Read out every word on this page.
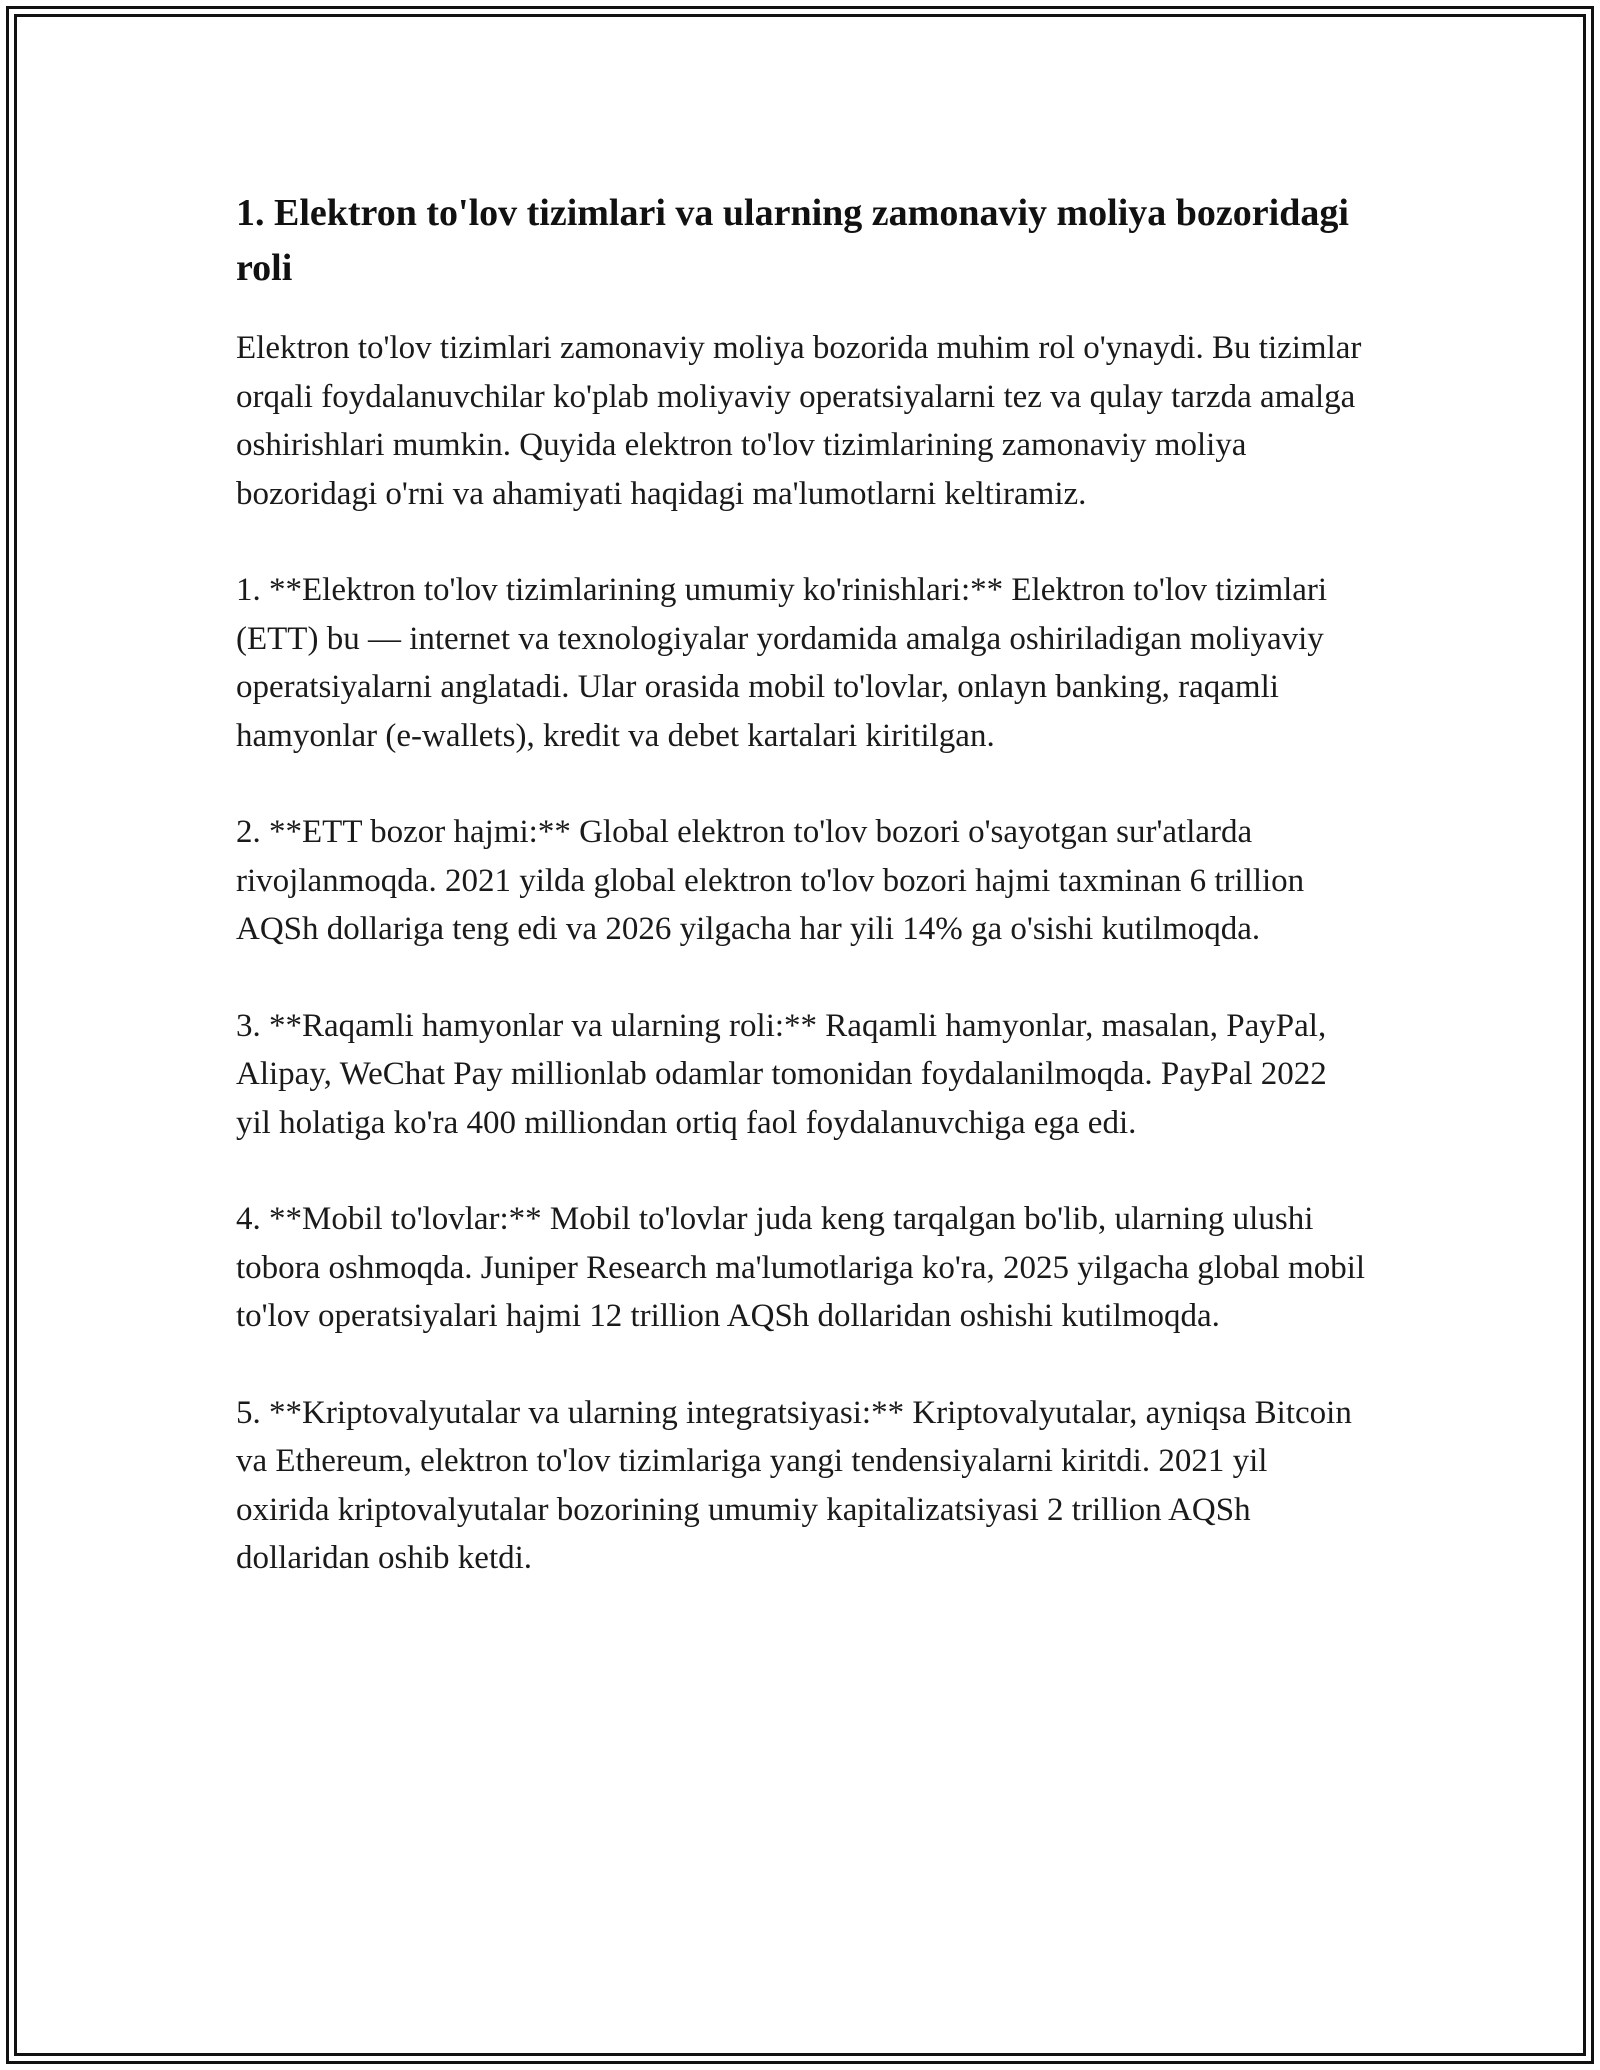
1. Elektron to'lov tizimlari va ularning zamonaviy moliya bozoridagi roli

Elektron to'lov tizimlari zamonaviy moliya bozorida muhim rol o'ynaydi. Bu tizimlar orqali foydalanuvchilar ko'plab moliyaviy operatsiyalarni tez va qulay tarzda amalga oshirishlari mumkin. Quyida elektron to'lov tizimlarining zamonaviy moliya bozoridagi o'rni va ahamiyati haqidagi ma'lumotlarni keltiramiz.

1. **Elektron to'lov tizimlarining umumiy ko'rinishlari:** Elektron to'lov tizimlari (ETT) bu — internet va texnologiyalar yordamida amalga oshiriladigan moliyaviy operatsiyalarni anglatadi. Ular orasida mobil to'lovlar, onlayn banking, raqamli hamyonlar (e-wallets), kredit va debet kartalari kiritilgan.

2. **ETT bozor hajmi:** Global elektron to'lov bozori o'sayotgan sur'atlarda rivojlanmoqda. 2021 yilda global elektron to'lov bozori hajmi taxminan 6 trillion AQSh dollariga teng edi va 2026 yilgacha har yili 14% ga o'sishi kutilmoqda.

3. **Raqamli hamyonlar va ularning roli:** Raqamli hamyonlar, masalan, PayPal, Alipay, WeChat Pay millionlab odamlar tomonidan foydalanilmoqda. PayPal 2022 yil holatiga ko'ra 400 milliondan ortiq faol foydalanuvchiga ega edi.

4. **Mobil to'lovlar:** Mobil to'lovlar juda keng tarqalgan bo'lib, ularning ulushi tobora oshmoqda. Juniper Research ma'lumotlariga ko'ra, 2025 yilgacha global mobil to'lov operatsiyalari hajmi 12 trillion AQSh dollaridan oshishi kutilmoqda.

5. **Kriptovalyutalar va ularning integratsiyasi:** Kriptovalyutalar, ayniqsa Bitcoin va Ethereum, elektron to'lov tizimlariga yangi tendensiyalarni kiritdi. 2021 yil oxirida kriptovalyutalar bozorining umumiy kapitalizatsiyasi 2 trillion AQSh dollaridan oshib ketdi.
